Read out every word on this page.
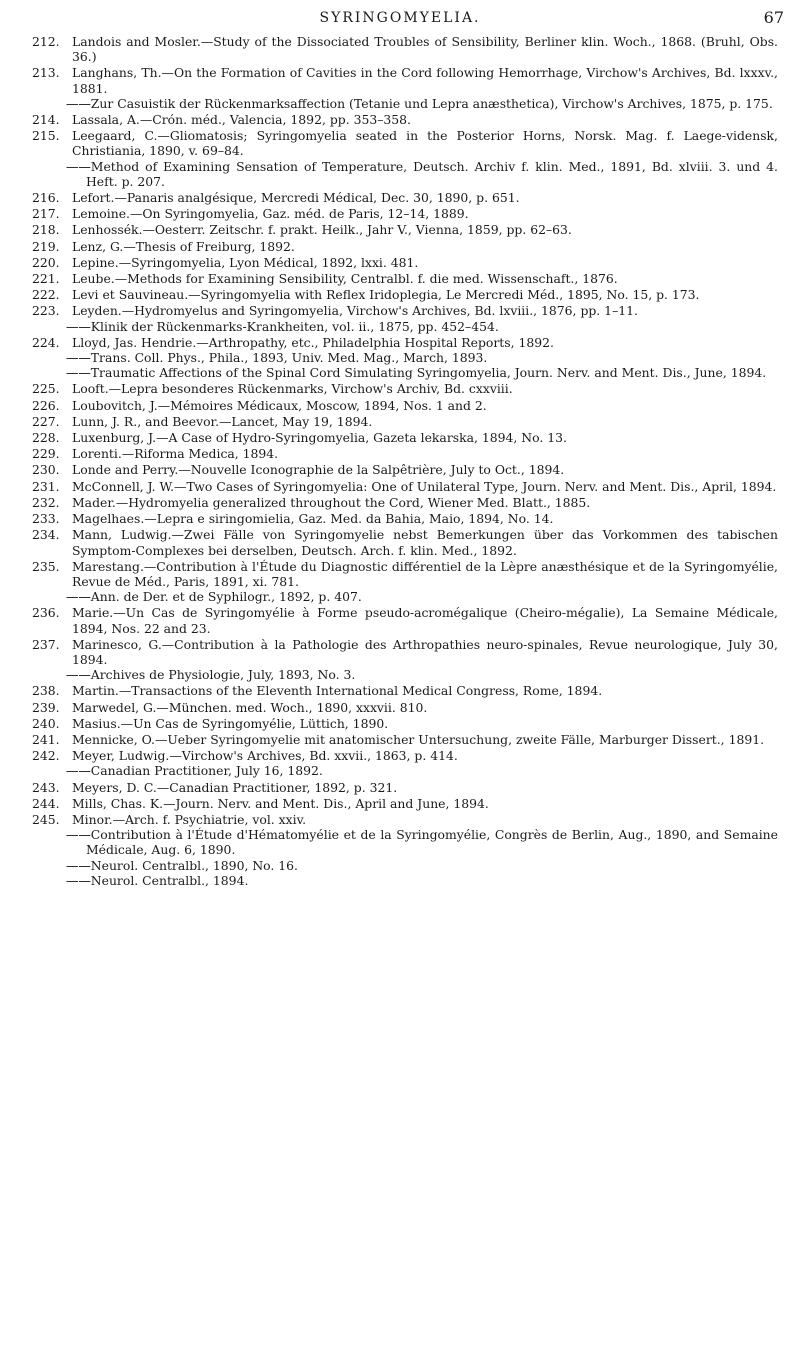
SYRINGOMYELIA.	67
212.	Landois and Mosler.—Study of the Dissociated Troubles of Sensibility, Berliner klin. Woch., 1868. (Bruhl, Obs. 36.)
213.	Langhans, Th.—On the Formation of Cavities in the Cord following Hemorrhage, Virchow's Archives, Bd. lxxxv., 1881.
—— ——Zur Casuistik der Rückenmarksaffection (Tetanie und Lepra anæsthetica), Virchow's Archives, 1875, p. 175.
214.	Lassala, A.—Crón. méd., Valencia, 1892, pp. 353–358.
215.	Leegaard, C.—Gliomatosis; Syringomyelia seated in the Posterior Horns, Norsk. Mag. f. Laege-vidensk, Christiania, 1890, v. 69–84.
—— ——Method of Examining Sensation of Temperature, Deutsch. Archiv f. klin. Med., 1891, Bd. xlviii. 3. und 4. Heft. p. 207.
216.	Lefort.—Panaris analgésique, Mercredi Médical, Dec. 30, 1890, p. 651.
217.	Lemoine.—On Syringomyelia, Gaz. méd. de Paris, 12–14, 1889.
218.	Lenhossék.—Oesterr. Zeitschr. f. prakt. Heilk., Jahr V., Vienna, 1859, pp. 62–63.
219.	Lenz, G.—Thesis of Freiburg, 1892.
220.	Lepine.—Syringomyelia, Lyon Médical, 1892, lxxi. 481.
221.	Leube.—Methods for Examining Sensibility, Centralbl. f. die med. Wissenschaft., 1876.
222.	Levi et Sauvineau.—Syringomyelia with Reflex Iridoplegia, Le Mercredi Méd., 1895, No. 15, p. 173.
223.	Leyden.—Hydromyelus and Syringomyelia, Virchow's Archives, Bd. lxviii., 1876, pp. 1–11.
—— ——Klinik der Rückenmarks-Krankheiten, vol. ii., 1875, pp. 452–454.
224.	Lloyd, Jas. Hendrie.—Arthropathy, etc., Philadelphia Hospital Reports, 1892.
—— ——Trans. Coll. Phys., Phila., 1893, Univ. Med. Mag., March, 1893.
—— ——Traumatic Affections of the Spinal Cord Simulating Syringomyelia, Journ. Nerv. and Ment. Dis., June, 1894.
225.	Looft.—Lepra besonderes Rückenmarks, Virchow's Archiv, Bd. cxxviii.
226.	Loubovitch, J.—Mémoires Médicaux, Moscow, 1894, Nos. 1 and 2.
227.	Lunn, J. R., and Beevor.—Lancet, May 19, 1894.
228.	Luxenburg, J.—A Case of Hydro-Syringomyelia, Gazeta lekarska, 1894, No. 13.
229.	Lorenti.—Riforma Medica, 1894.
230.	Londe and Perry.—Nouvelle Iconographie de la Salpêtrière, July to Oct., 1894.
231.	McConnell, J. W.—Two Cases of Syringomyelia: One of Unilateral Type, Journ. Nerv. and Ment. Dis., April, 1894.
232.	Mader.—Hydromyelia generalized throughout the Cord, Wiener Med. Blatt., 1885.
233.	Magelhaes.—Lepra e siringomielia, Gaz. Med. da Bahia, Maio, 1894, No. 14.
234.	Mann, Ludwig.—Zwei Fälle von Syringomyelie nebst Bemerkungen über das Vorkommen des tabischen Symptom-Complexes bei derselben, Deutsch. Arch. f. klin. Med., 1892.
235.	Marestang.—Contribution à l'Étude du Diagnostic différentiel de la Lèpre anæsthésique et de la Syringomyélie, Revue de Méd., Paris, 1891, xi. 781.
—— ——Ann. de Der. et de Syphilogr., 1892, p. 407.
236.	Marie.—Un Cas de Syringomyélie à Forme pseudo-acromégalique (Cheiro-mégalie), La Semaine Médicale, 1894, Nos. 22 and 23.
237.	Marinesco, G.—Contribution à la Pathologie des Arthropathies neuro-spinales, Revue neurologique, July 30, 1894.
—— ——Archives de Physiologie, July, 1893, No. 3.
238.	Martin.—Transactions of the Eleventh International Medical Congress, Rome, 1894.
239.	Marwedel, G.—München. med. Woch., 1890, xxxvii. 810.
240.	Masius.—Un Cas de Syringomyélie, Lüttich, 1890.
241.	Mennicke, O.—Ueber Syringomyelie mit anatomischer Untersuchung, zweite Fälle, Marburger Dissert., 1891.
242.	Meyer, Ludwig.—Virchow's Archives, Bd. xxvii., 1863, p. 414.
—— ——Canadian Practitioner, July 16, 1892.
243.	Meyers, D. C.—Canadian Practitioner, 1892, p. 321.
244.	Mills, Chas. K.—Journ. Nerv. and Ment. Dis., April and June, 1894.
245.	Minor.—Arch. f. Psychiatrie, vol. xxiv.
—— ——Contribution à l'Étude d'Hématomyélie et de la Syringomyélie, Congrès de Berlin, Aug., 1890, and Semaine Médicale, Aug. 6, 1890.
—— ——Neurol. Centralbl., 1890, No. 16.
—— ——Neurol. Centralbl., 1894.
